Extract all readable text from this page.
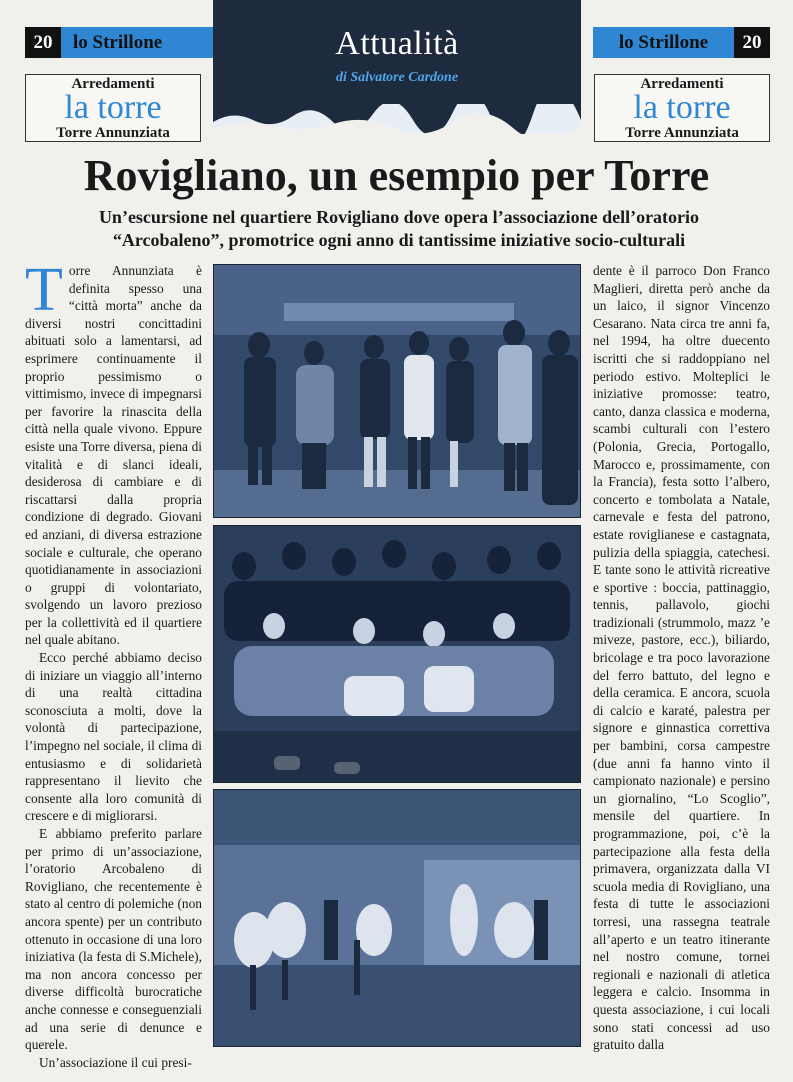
20	lo Strillone	lo Strillone	20
Arredamenti
la torre
Torre Annunziata
Arredamenti
la torre
Torre Annunziata
Attualità
di Salvatore Cardone
Rovigliano, un esempio per Torre
Un’escursione nel quartiere Rovigliano dove opera l’associazione dell’oratorio “Arcobaleno”, promotrice ogni anno di tantissime iniziative socio-culturali

Torre Annunziata è definita spesso una “città morta” anche da diversi nostri concittadini abituati solo a lamentarsi, ad esprimere continuamente il proprio pessimismo o vittimismo, invece di impegnarsi per favorire la rinascita della città nella quale vivono. Eppure esiste una Torre diversa, piena di vitalità e di slanci ideali, desiderosa di cambiare e di riscattarsi dalla propria condizione di degrado. Giovani ed anziani, di diversa estrazione sociale e culturale, che operano quotidianamente in associazioni o gruppi di volontariato, svolgendo un lavoro prezioso per la collettività ed il quartiere nel quale abitano.

Ecco perché abbiamo deciso di iniziare un viaggio all’interno di una realtà cittadina sconosciuta a molti, dove la volontà di partecipazione, l’impegno nel sociale, il clima di entusiasmo e di solidarietà rappresentano il lievito che consente alla loro comunità di crescere e di migliorarsi.

E abbiamo preferito parlare per primo di un’associazione, l’oratorio Arcobaleno di Rovigliano, che recentemente è stato al centro di polemiche (non ancora spente) per un contributo ottenuto in occasione di una loro iniziativa (la festa di S.Michele), ma non ancora concesso per diverse difficoltà burocratiche anche connesse e conseguenziali ad una serie di denunce e querele.

Un’associazione il cui presi-

dente è il parroco Don Franco Maglieri, diretta però anche da un laico, il signor Vincenzo Cesarano. Nata circa tre anni fa, nel 1994, ha oltre duecento iscritti che si raddoppiano nel periodo estivo. Molteplici le iniziative promosse: teatro, canto, danza classica e moderna, scambi culturali con l’estero (Polonia, Grecia, Portogallo, Marocco e, prossimamente, con la Francia), festa sotto l’albero, concerto e tombolata a Natale, carnevale e festa del patrono, estate roviglianese e castagnata, pulizia della spiaggia, catechesi. E tante sono le attività ricreative e sportive : boccia, pattinaggio, tennis, pallavolo, giochi tradizionali (strummolo, mazz ’e miveze, pastore, ecc.), biliardo, bricolage e tra poco lavorazione del ferro battuto, del legno e della ceramica. E ancora, scuola di calcio e karaté, palestra per signore e ginnastica correttiva per bambini, corsa campestre (due anni fa hanno vinto il campionato nazionale) e persino un giornalino, “Lo Scoglio”, mensile del quartiere. In programmazione, poi, c’è la partecipazione alla festa della primavera, organizzata dalla VI scuola media di Rovigliano, una festa di tutte le associazioni torresi, una rassegna teatrale all’aperto e un teatro itinerante nel nostro comune, tornei regionali e nazionali di atletica leggera e calcio. Insomma in questa associazione, i cui locali sono stati concessi ad uso gratuito dalla
